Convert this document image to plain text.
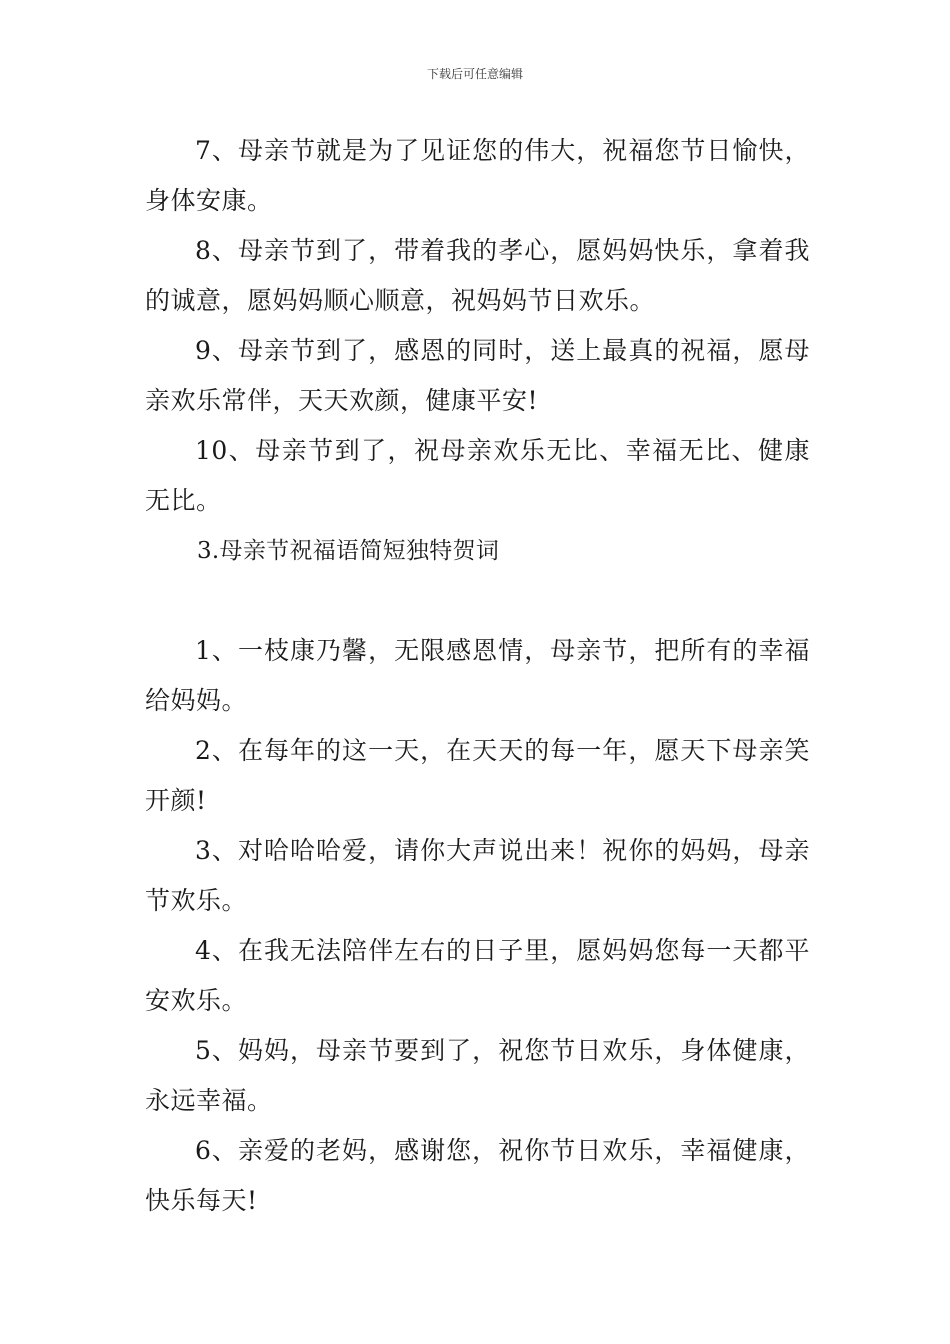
下载后可任意编辑

7、母亲节就是为了见证您的伟大，祝福您节日愉快，身体安康。

8、母亲节到了，带着我的孝心，愿妈妈快乐，拿着我的诚意，愿妈妈顺心顺意，祝妈妈节日欢乐。

9、母亲节到了，感恩的同时，送上最真的祝福，愿母亲欢乐常伴，天天欢颜，健康平安!

10、母亲节到了，祝母亲欢乐无比、幸福无比、健康无比。

3.母亲节祝福语简短独特贺词

1、一枝康乃馨，无限感恩情，母亲节，把所有的幸福给妈妈。

2、在每年的这一天，在天天的每一年，愿天下母亲笑开颜!

3、对哈哈哈爱，请你大声说出来！祝你的妈妈，母亲节欢乐。

4、在我无法陪伴左右的日子里，愿妈妈您每一天都平安欢乐。

5、妈妈，母亲节要到了，祝您节日欢乐，身体健康，永远幸福。

6、亲爱的老妈，感谢您，祝你节日欢乐，幸福健康，快乐每天!
